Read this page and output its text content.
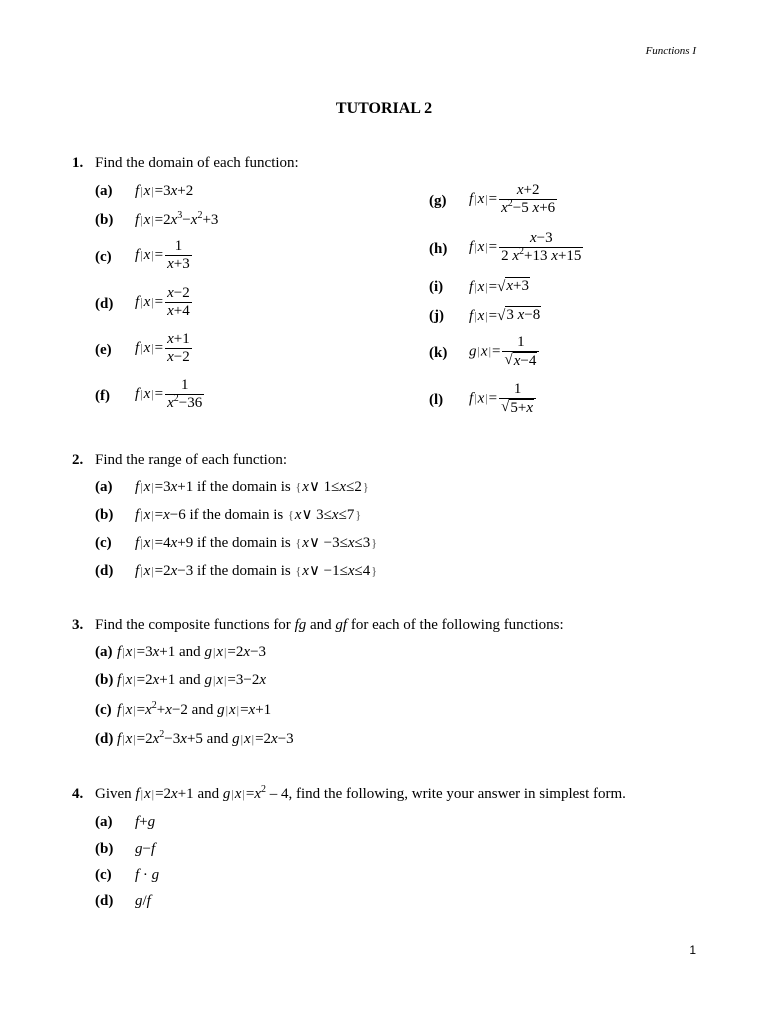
Functions I
TUTORIAL 2
1. Find the domain of each function:
(a) f|x|=3x+2
(b) $f|x|=2x^3-x^2+3$
(c) $f|x|= \frac{1}{x+3}$
(d) $f|x|= \frac{x-2}{x+4}$
(e) $f|x|= \frac{x+1}{x-2}$
(f) $f|x|= \frac{1}{x^2-36}$
(g) $f|x|= \frac{x+2}{x^2-5 x+6}$
(h) $f|x|= \frac{x-3}{2 x^2+13 x+15}$
(i) f|x|= √ x+3
(j) f|x|= √ 3 x−8
(k) $g|x|= \frac{1}{√ x-4}$
(l) $f|x|= \frac{1}{√ 5+x}$
2. Find the range of each function:
(a) f|x|=3x+1 if the domain is {x∨ 1≤x≤2}
(b) f|x|=x−6 if the domain is {x∨ 3≤x≤7}
(c) f|x|=4x+9 if the domain is {x∨ −3≤x≤3}
(d) f|x|=2x−3 if the domain is {x∨ −1≤x≤4}
3. Find the composite functions for fg and gf for each of the following functions:
(a) f|x|=3x+1 and g|x|=2x−3
(b) f|x|=2x+1 and g|x|=3−2x
(c) $f|x|=x^2+x-2$ and g|x|=x+1
(d) $f|x|=2x^2-3x+5$ and g|x|=2x−3
4. Given f|x|=2x+1 and $g|x|=x^2 - 4$, find the following, write your answer in simplest form.
(a) f+g
(b) g−f
(c) f · g
(d) g/f
1
